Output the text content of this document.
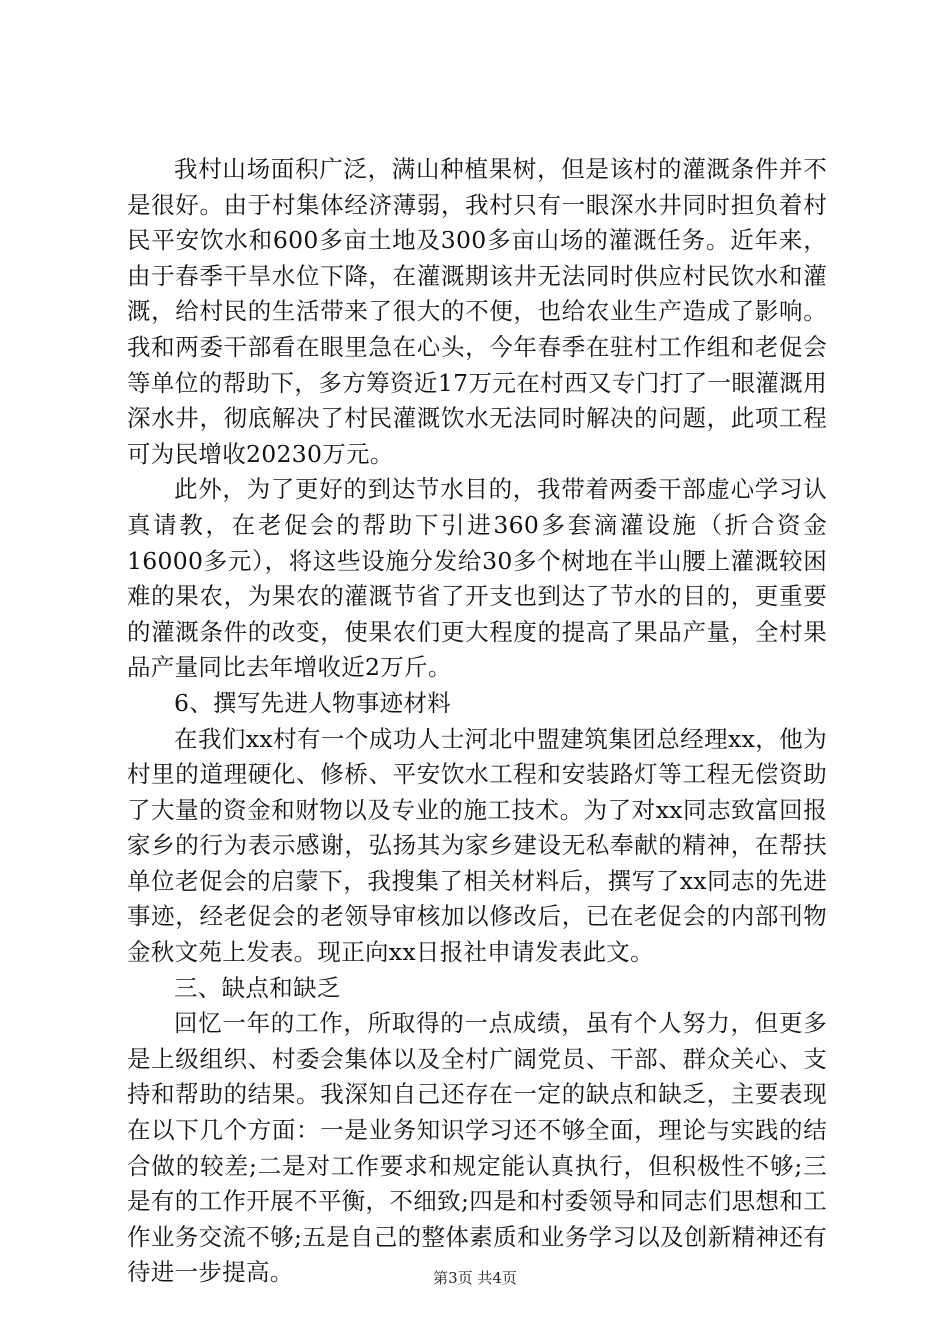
我村山场面积广泛，满山种植果树，但是该村的灌溉条件并不是很好。由于村集体经济薄弱，我村只有一眼深水井同时担负着村民平安饮水和600多亩土地及300多亩山场的灌溉任务。近年来，由于春季干旱水位下降，在灌溉期该井无法同时供应村民饮水和灌溉，给村民的生活带来了很大的不便，也给农业生产造成了影响。我和两委干部看在眼里急在心头，今年春季在驻村工作组和老促会等单位的帮助下，多方筹资近17万元在村西又专门打了一眼灌溉用深水井，彻底解决了村民灌溉饮水无法同时解决的问题，此项工程可为民增收20230万元。

此外，为了更好的到达节水目的，我带着两委干部虚心学习认真请教，在老促会的帮助下引进360多套滴灌设施（折合资金16000多元），将这些设施分发给30多个树地在半山腰上灌溉较困难的果农，为果农的灌溉节省了开支也到达了节水的目的，更重要的灌溉条件的改变，使果农们更大程度的提高了果品产量，全村果品产量同比去年增收近2万斤。

6、撰写先进人物事迹材料

在我们xx村有一个成功人士河北中盟建筑集团总经理xx，他为村里的道理硬化、修桥、平安饮水工程和安装路灯等工程无偿资助了大量的资金和财物以及专业的施工技术。为了对xx同志致富回报家乡的行为表示感谢，弘扬其为家乡建设无私奉献的精神，在帮扶单位老促会的启蒙下，我搜集了相关材料后，撰写了xx同志的先进事迹，经老促会的老领导审核加以修改后，已在老促会的内部刊物金秋文苑上发表。现正向xx日报社申请发表此文。

三、缺点和缺乏

回忆一年的工作，所取得的一点成绩，虽有个人努力，但更多是上级组织、村委会集体以及全村广阔党员、干部、群众关心、支持和帮助的结果。我深知自己还存在一定的缺点和缺乏，主要表现在以下几个方面：一是业务知识学习还不够全面，理论与实践的结合做的较差;二是对工作要求和规定能认真执行，但积极性不够;三是有的工作开展不平衡，不细致;四是和村委领导和同志们思想和工作业务交流不够;五是自己的整体素质和业务学习以及创新精神还有待进一步提高。	第3页 共4页
